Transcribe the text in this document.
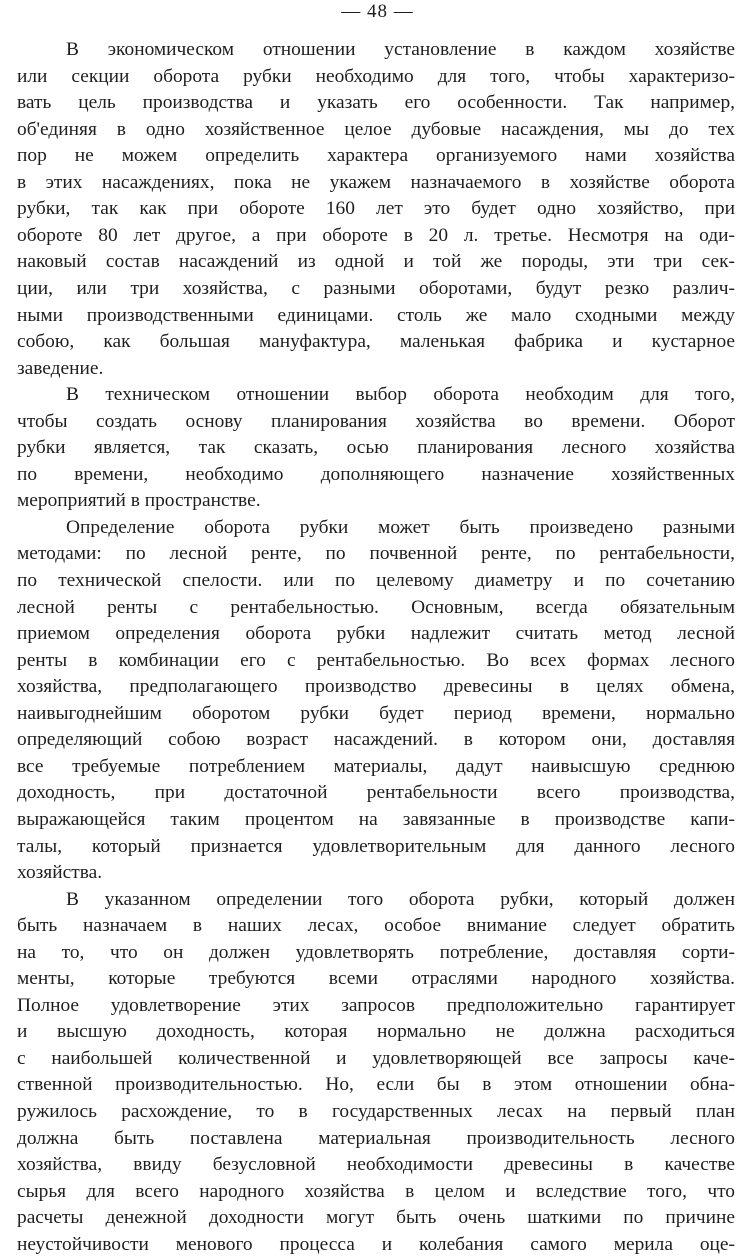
— 48 —
В экономическом отношении установление в каждом хозяйстве
или секции оборота рубки необходимо для того, чтобы характеризо-
вать цель производства и указать его особенности. Так например,
об'единяя в одно хозяйственное целое дубовые насаждения, мы до тех
пор не можем определить характера организуемого нами хозяйства
в этих насаждениях, пока не укажем назначаемого в хозяйстве оборота
рубки, так как при обороте 160 лет это будет одно хозяйство, при
обороте 80 лет другое, а при обороте в 20 л. третье. Несмотря на оди-
наковый состав насаждений из одной и той же породы, эти три сек-
ции, или три хозяйства, с разными оборотами, будут резко различ-
ными производственными единицами. столь же мало сходными между
собою, как большая мануфактура, маленькая фабрика и кустарное
заведение.
В техническом отношении выбор оборота необходим для того,
чтобы создать основу планирования хозяйства во времени. Оборот
рубки является, так сказать, осью планирования лесного хозяйства
по времени, необходимо дополняющего назначение хозяйственных
мероприятий в пространстве.
Определение оборота рубки может быть произведено разными
методами: по лесной ренте, по почвенной ренте, по рентабельности,
по технической спелости. или по целевому диаметру и по сочетанию
лесной ренты с рентабельностью. Основным, всегда обязательным
приемом определения оборота рубки надлежит считать метод лесной
ренты в комбинации его с рентабельностью. Во всех формах лесного
хозяйства, предполагающего производство древесины в целях обмена,
наивыгоднейшим оборотом рубки будет период времени, нормально
определяющий собою возраст насаждений. в котором они, доставляя
все требуемые потреблением материалы, дадут наивысшую среднюю
доходность, при достаточной рентабельности всего производства,
выражающейся таким процентом на завязанные в производстве капи-
талы, который признается удовлетворительным для данного лесного
хозяйства.
В указанном определении того оборота рубки, который должен
быть назначаем в наших лесах, особое внимание следует обратить
на то, что он должен удовлетворять потребление, доставляя сорти-
менты, которые требуются всеми отраслями народного хозяйства.
Полное удовлетворение этих запросов предположительно гарантирует
и высшую доходность, которая нормально не должна расходиться
с наибольшей количественной и удовлетворяющей все запросы каче-
ственной производительностью. Но, если бы в этом отношении обна-
ружилось расхождение, то в государственных лесах на первый план
должна быть поставлена материальная производительность лесного
хозяйства, ввиду безусловной необходимости древесины в качестве
сырья для всего народного хозяйства в целом и вследствие того, что
расчеты денежной доходности могут быть очень шаткими по причине
неустойчивости менового процесса и колебания самого мерила оце-
